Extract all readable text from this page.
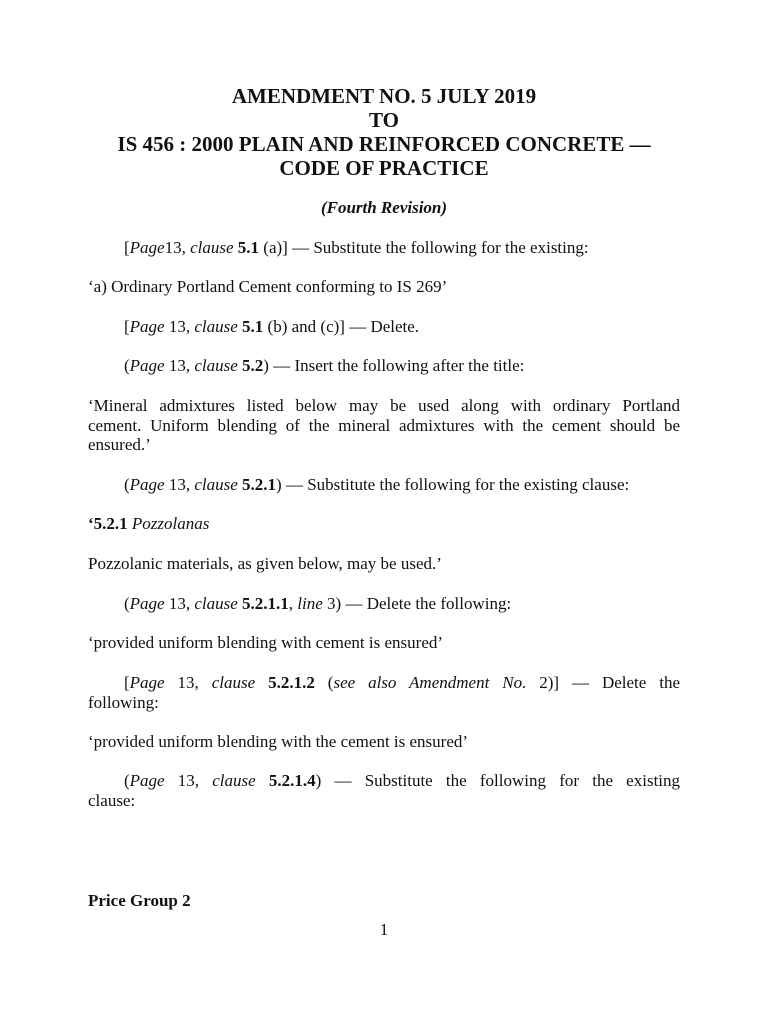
AMENDMENT NO. 5 JULY 2019
TO
IS 456 : 2000 PLAIN AND REINFORCED CONCRETE —
CODE OF PRACTICE
(Fourth Revision)

[Page13, clause 5.1 (a)] — Substitute the following for the existing:

‘a) Ordinary Portland Cement conforming to IS 269’

[Page 13, clause 5.1 (b) and (c)] — Delete.

(Page 13, clause 5.2) — Insert the following after the title:

‘Mineral admixtures listed below may be used along with ordinary Portland
cement. Uniform blending of the mineral admixtures with the cement should be
ensured.’

(Page 13, clause 5.2.1) — Substitute the following for the existing clause:

‘5.2.1 Pozzolanas

Pozzolanic materials, as given below, may be used.’

(Page 13, clause 5.2.1.1, line 3) — Delete the following:

‘provided uniform blending with cement is ensured’

[Page 13, clause 5.2.1.2 (see also Amendment No. 2)] — Delete the
following:

‘provided uniform blending with the cement is ensured’

(Page 13, clause 5.2.1.4) — Substitute the following for the existing
clause:
Price Group 2
1
